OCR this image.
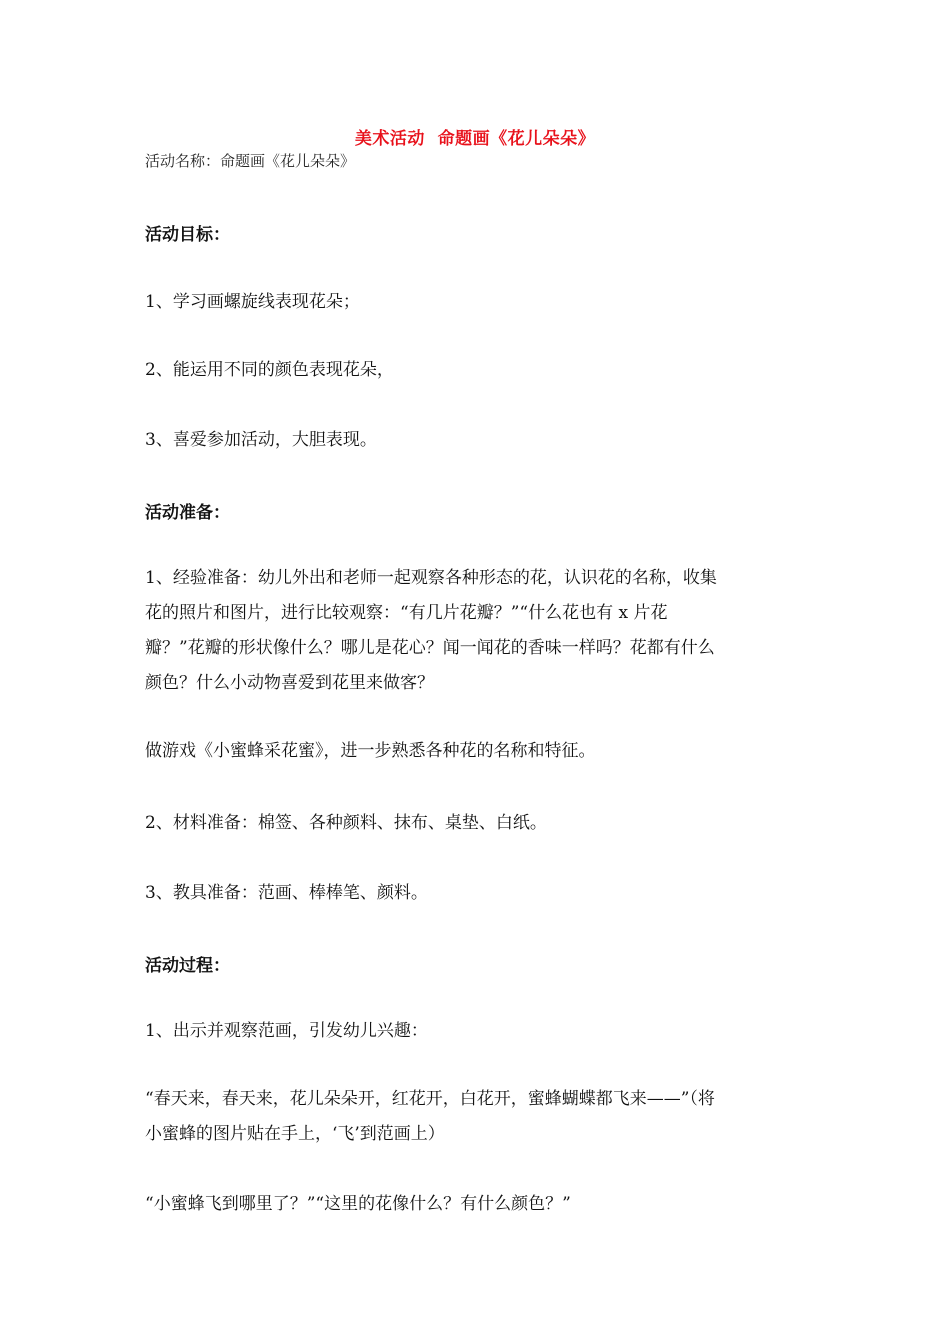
美术活动  命题画《花儿朵朵》
活动名称：命题画《花儿朵朵》
活动目标：
1、学习画螺旋线表现花朵；
2、能运用不同的颜色表现花朵，
3、喜爱参加活动，大胆表现。
活动准备：
1、经验准备：幼儿外出和老师一起观察各种形态的花，认识花的名称，收集
花的照片和图片，进行比较观察：“有几片花瓣？”“什么花也有 x 片花
瓣？”花瓣的形状像什么？哪儿是花心？闻一闻花的香味一样吗？花都有什么
颜色？什么小动物喜爱到花里来做客？
做游戏《小蜜蜂采花蜜》，进一步熟悉各种花的名称和特征。
2、材料准备：棉签、各种颜料、抹布、桌垫、白纸。
3、教具准备：范画、棒棒笔、颜料。
活动过程：
1、出示并观察范画，引发幼儿兴趣：
“春天来，春天来，花儿朵朵开，红花开，白花开，蜜蜂蝴蝶都飞来——”（将
小蜜蜂的图片贴在手上，‘飞’到范画上）
“小蜜蜂飞到哪里了？”“这里的花像什么？有什么颜色？”
